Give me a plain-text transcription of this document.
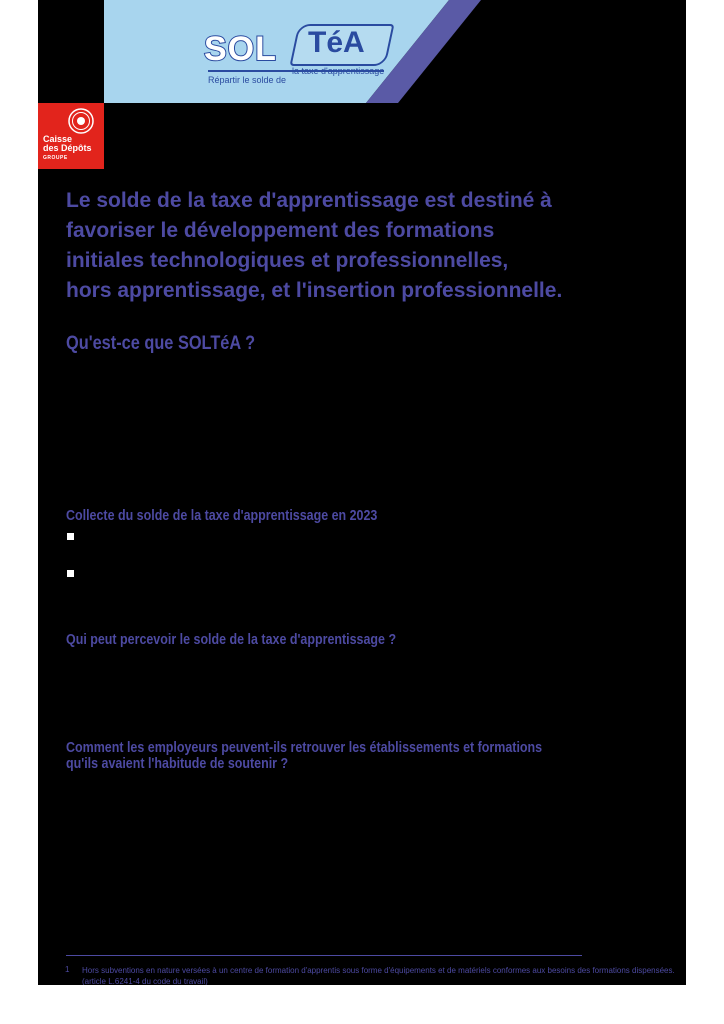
SOL TéA
la taxe d'apprentissage
Répartir le solde de
Caisse
des Dépôts
GROUPE

Le solde de la taxe d'apprentissage est destiné à
favoriser le développement des formations
initiales technologiques et professionnelles,
hors apprentissage, et l'insertion professionnelle.

Qu'est-ce que SOLTéA ?
Collecte du solde de la taxe d'apprentissage en 2023
Qui peut percevoir le solde de la taxe d'apprentissage ?
Comment les employeurs peuvent-ils retrouver les établissements et formations
qu'ils avaient l'habitude de soutenir ?
1 Hors subventions en nature versées à un centre de formation d'apprentis sous forme d'équipements et de matériels conformes aux besoins des formations dispensées. (article L.6241-4 du code du travail)
